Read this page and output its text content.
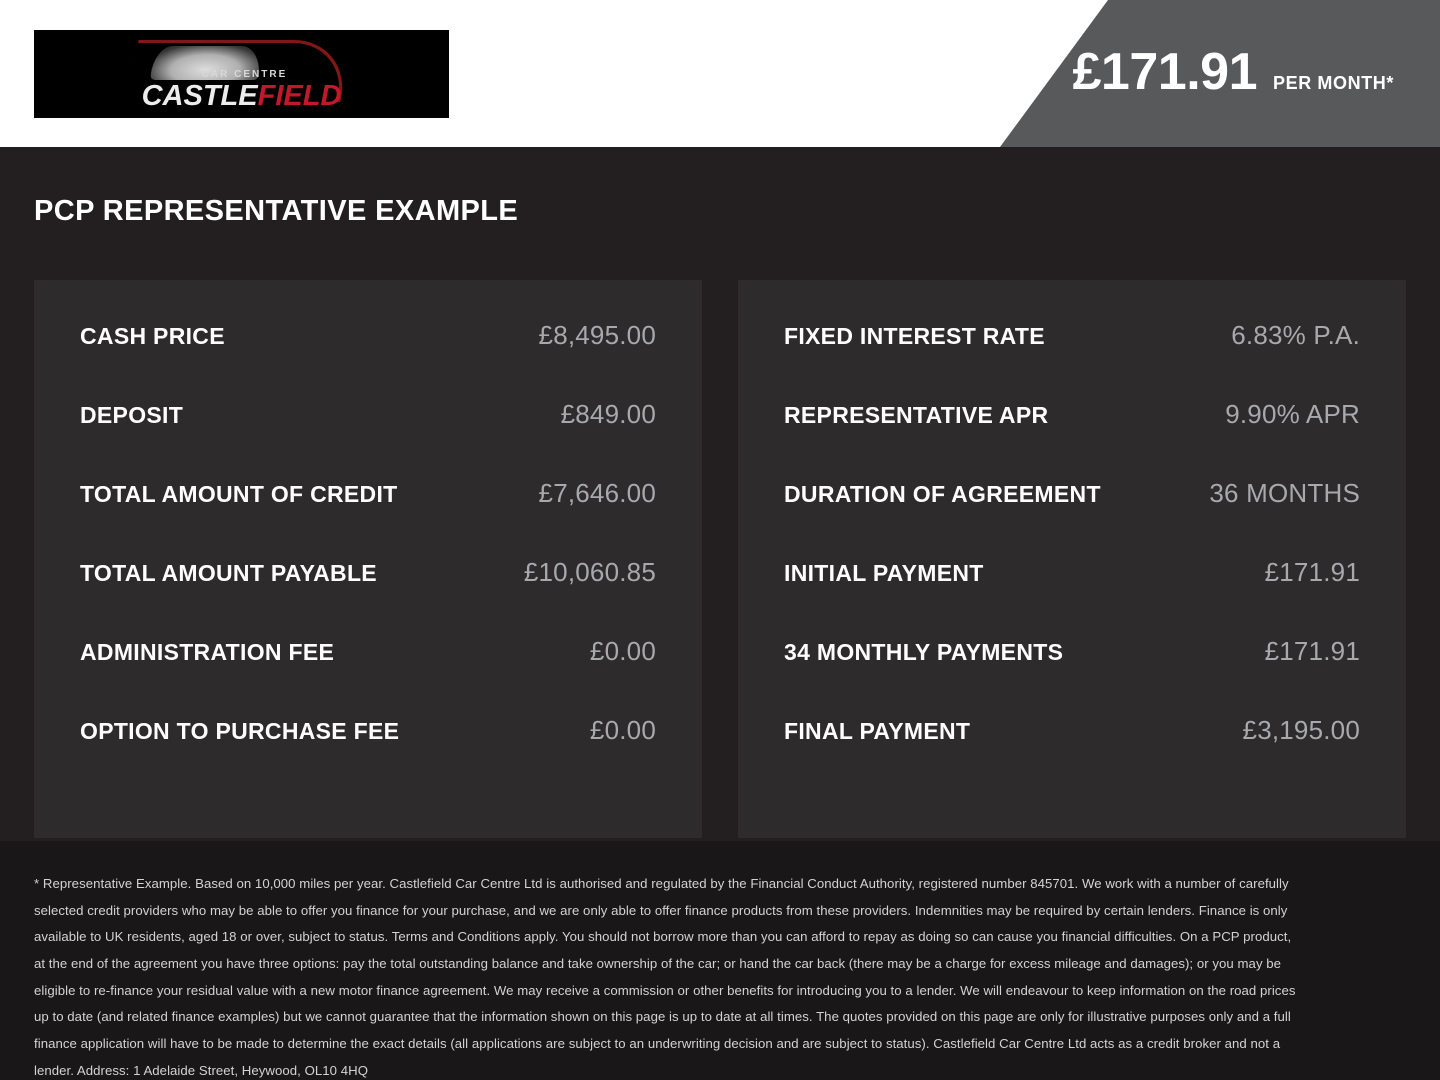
CAR CENTRE
CASTLEFIELD	£171.91 PER MONTH*
PCP REPRESENTATIVE EXAMPLE
CASH PRICE	£8,495.00
DEPOSIT	£849.00
TOTAL AMOUNT OF CREDIT	£7,646.00
TOTAL AMOUNT PAYABLE	£10,060.85
ADMINISTRATION FEE	£0.00
OPTION TO PURCHASE FEE	£0.00
FIXED INTEREST RATE	6.83% P.A.
REPRESENTATIVE APR	9.90% APR
DURATION OF AGREEMENT	36 MONTHS
INITIAL PAYMENT	£171.91
34 MONTHLY PAYMENTS	£171.91
FINAL PAYMENT	£3,195.00

* Representative Example. Based on 10,000 miles per year. Castlefield Car Centre Ltd is authorised and regulated by the Financial Conduct Authority, registered number 845701. We work with a number of carefully selected credit providers who may be able to offer you finance for your purchase, and we are only able to offer finance products from these providers. Indemnities may be required by certain lenders. Finance is only available to UK residents, aged 18 or over, subject to status. Terms and Conditions apply. You should not borrow more than you can afford to repay as doing so can cause you financial difficulties. On a PCP product, at the end of the agreement you have three options: pay the total outstanding balance and take ownership of the car; or hand the car back (there may be a charge for excess mileage and damages); or you may be eligible to re-finance your residual value with a new motor finance agreement. We may receive a commission or other benefits for introducing you to a lender. We will endeavour to keep information on the road prices up to date (and related finance examples) but we cannot guarantee that the information shown on this page is up to date at all times. The quotes provided on this page are only for illustrative purposes only and a full finance application will have to be made to determine the exact details (all applications are subject to an underwriting decision and are subject to status). Castlefield Car Centre Ltd acts as a credit broker and not a lender. Address: 1 Adelaide Street, Heywood, OL10 4HQ
